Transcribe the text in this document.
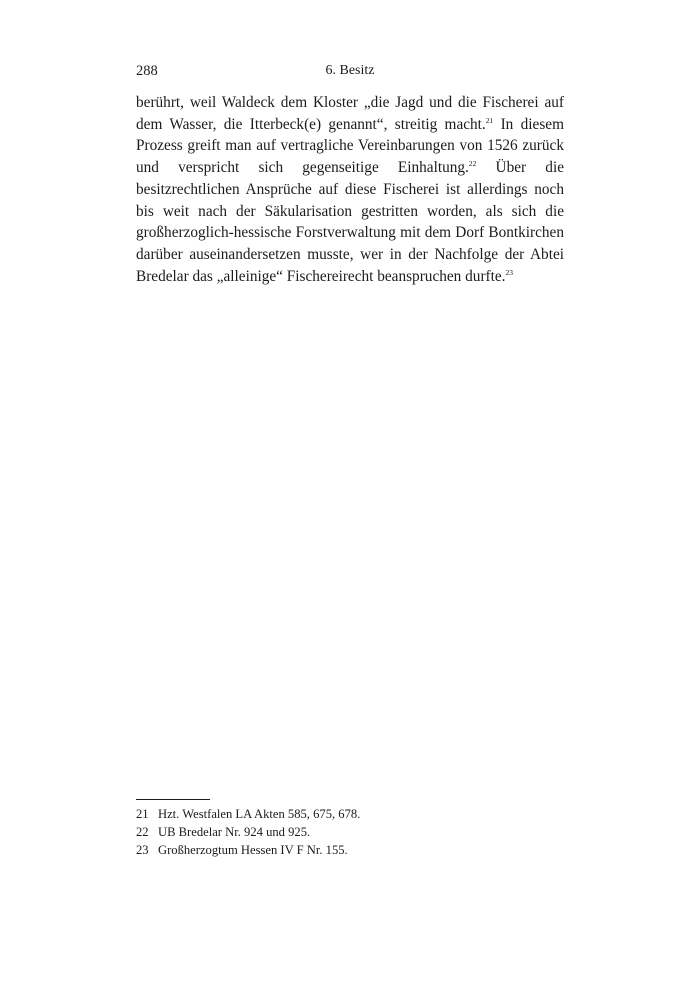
288	6. Besitz

berührt, weil Waldeck dem Kloster „die Jagd und die Fischerei auf dem Wasser, die Itterbeck(e) genannt“, streitig macht.$^{21}$ In diesem Prozess greift man auf vertragliche Vereinbarungen von 1526 zurück und verspricht sich gegenseitige Einhaltung.$^{22}$ Über die besitzrechtlichen Ansprüche auf diese Fischerei ist allerdings noch bis weit nach der Säkularisation gestritten worden, als sich die großherzoglich-hessische Forstverwaltung mit dem Dorf Bontkirchen darüber auseinandersetzen musste, wer in der Nachfolge der Abtei Bredelar das „alleinige“ Fischereirecht beanspruchen durfte.$^{23}$

21 Hzt. Westfalen LA Akten 585, 675, 678.
22 UB Bredelar Nr. 924 und 925.
23 Großherzogtum Hessen IV F Nr. 155.
